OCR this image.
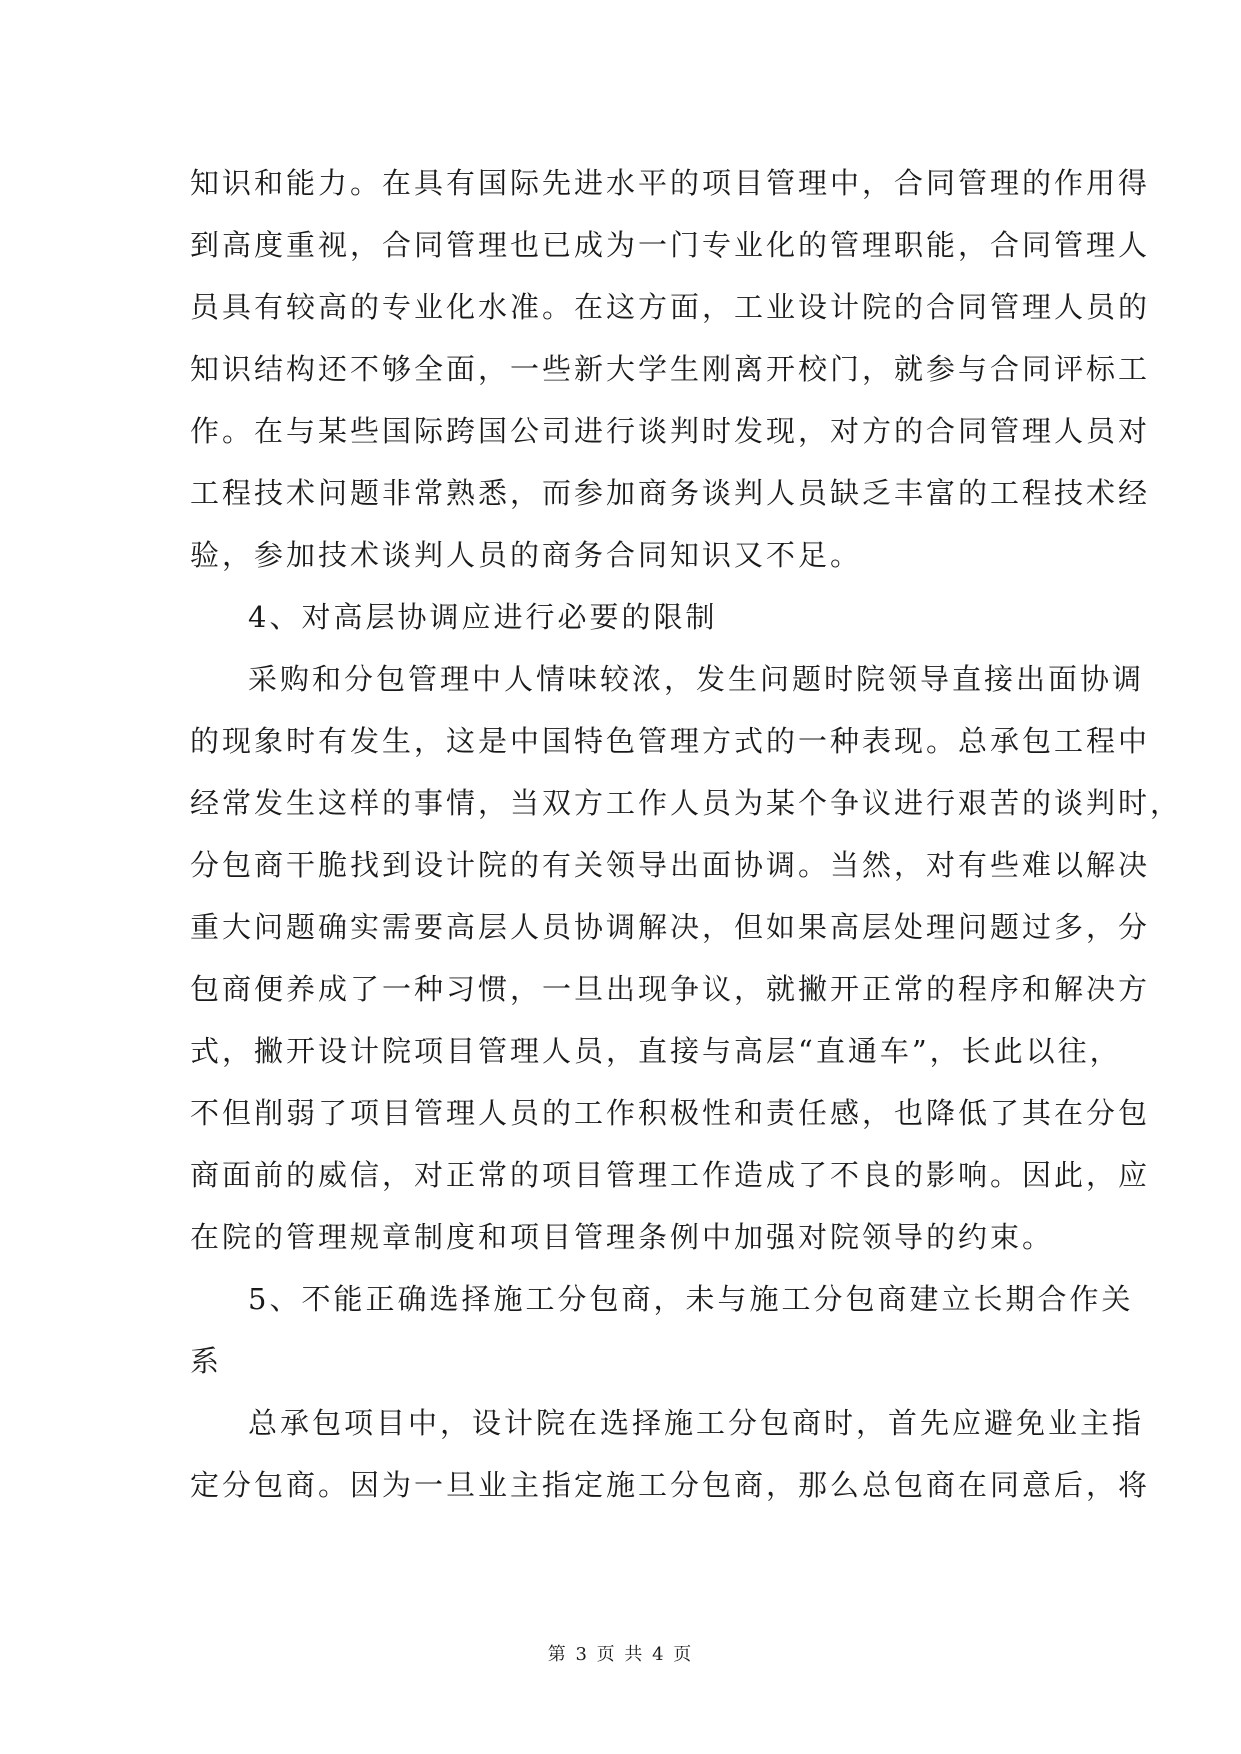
知识和能力。在具有国际先进水平的项目管理中，合同管理的作用得
到高度重视，合同管理也已成为一门专业化的管理职能，合同管理人
员具有较高的专业化水准。在这方面，工业设计院的合同管理人员的
知识结构还不够全面，一些新大学生刚离开校门，就参与合同评标工
作。在与某些国际跨国公司进行谈判时发现，对方的合同管理人员对
工程技术问题非常熟悉，而参加商务谈判人员缺乏丰富的工程技术经
验，参加技术谈判人员的商务合同知识又不足。
4、对高层协调应进行必要的限制
采购和分包管理中人情味较浓，发生问题时院领导直接出面协调
的现象时有发生，这是中国特色管理方式的一种表现。总承包工程中
经常发生这样的事情，当双方工作人员为某个争议进行艰苦的谈判时，
分包商干脆找到设计院的有关领导出面协调。当然，对有些难以解决
重大问题确实需要高层人员协调解决，但如果高层处理问题过多，分
包商便养成了一种习惯，一旦出现争议，就撇开正常的程序和解决方
式，撇开设计院项目管理人员，直接与高层“直通车”，长此以往，
不但削弱了项目管理人员的工作积极性和责任感，也降低了其在分包
商面前的威信，对正常的项目管理工作造成了不良的影响。因此，应
在院的管理规章制度和项目管理条例中加强对院领导的约束。
5、不能正确选择施工分包商，未与施工分包商建立长期合作关
系
总承包项目中，设计院在选择施工分包商时，首先应避免业主指
定分包商。因为一旦业主指定施工分包商，那么总包商在同意后，将
第 3 页 共 4 页
